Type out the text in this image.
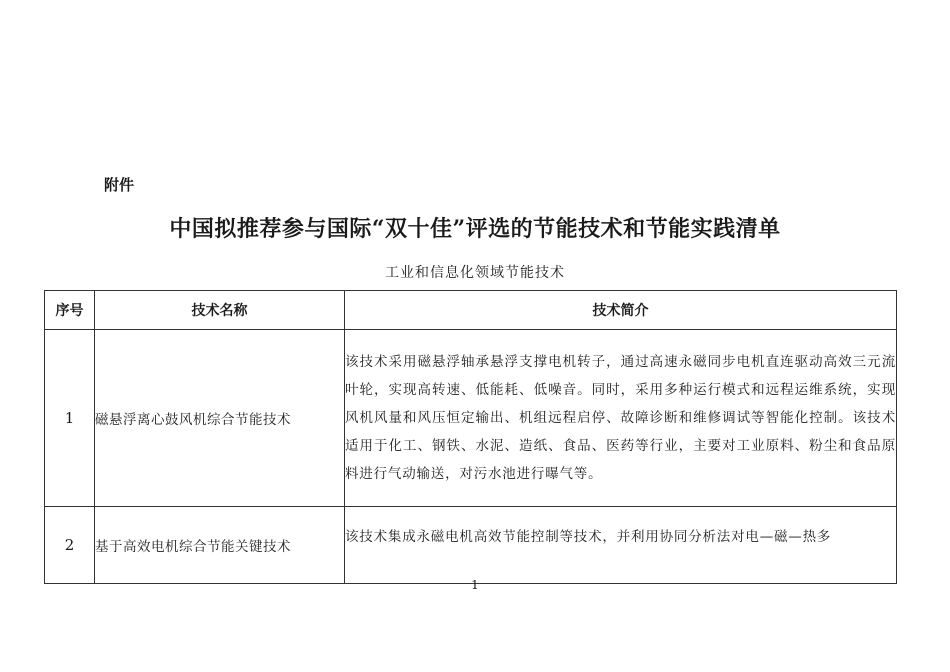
附件
中国拟推荐参与国际“双十佳”评选的节能技术和节能实践清单
工业和信息化领域节能技术
序号	技术名称	技术简介
1	磁悬浮离心鼓风机综合节能技术	该技术采用磁悬浮轴承悬浮支撑电机转子，通过高速永磁同步电机直连驱动高效三元流叶轮，实现高转速、低能耗、低噪音。同时，采用多种运行模式和远程运维系统，实现风机风量和风压恒定输出、机组远程启停、故障诊断和维修调试等智能化控制。该技术适用于化工、钢铁、水泥、造纸、食品、医药等行业，主要对工业原料、粉尘和食品原料进行气动输送，对污水池进行曝气等。
2	基于高效电机综合节能关键技术	该技术集成永磁电机高效节能控制等技术，并利用协同分析法对电—磁—热多
1
